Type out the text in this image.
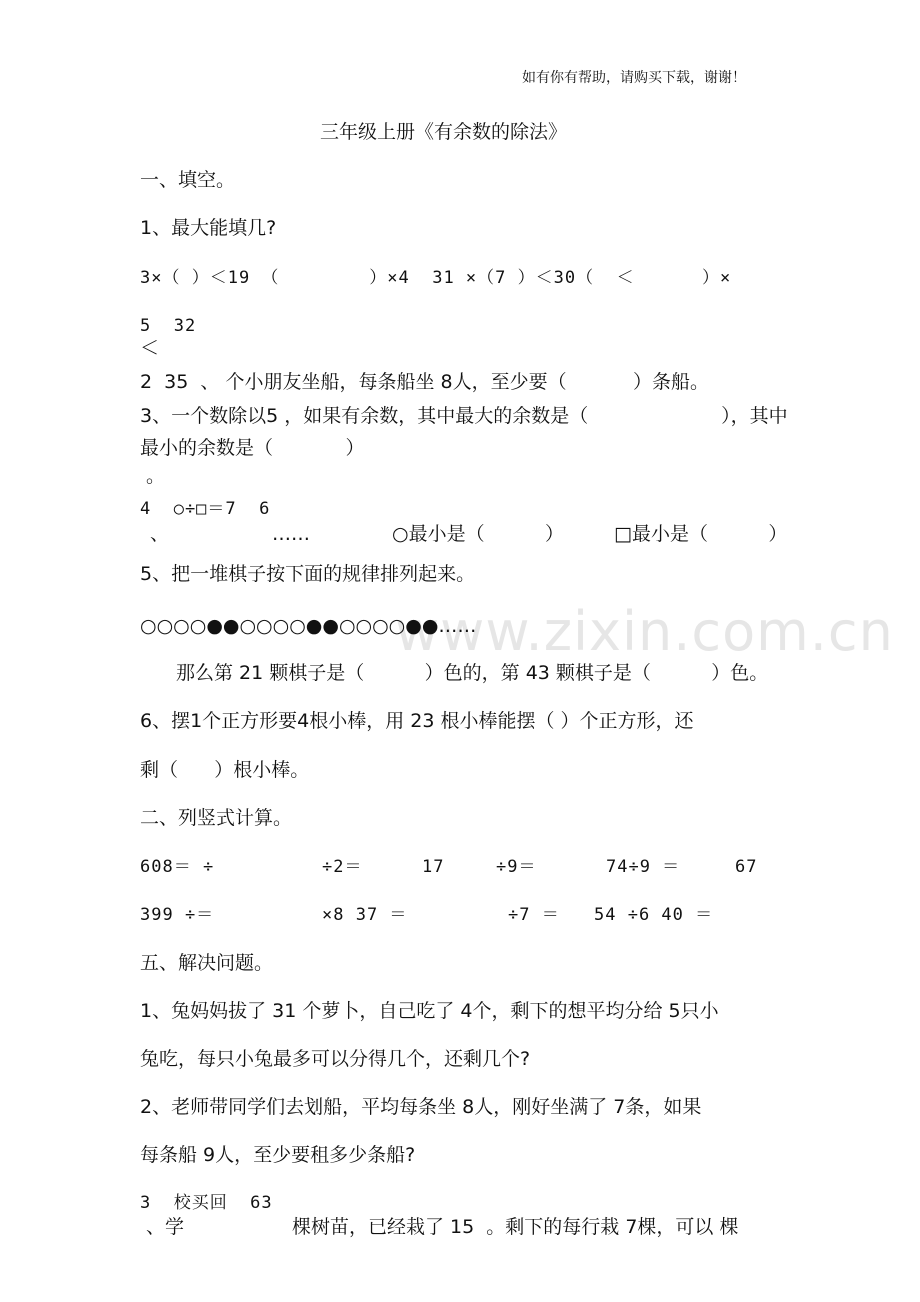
www.zixin.com.cn
如有你有帮助，请购买下载，谢谢！
三年级上册《有余数的除法》
一、填空。
1、最大能填几?
3×（ ）＜19 （        ）×4  31 ×（7 ）＜30（  ＜      ）×
5  32
＜
2  35  、 个小朋友坐船，每条船坐 8人，至少要（           ）条船。
3、一个数除以5 ，如果有余数，其中最大的余数是（                      ），其中
最小的余数是（            ）
。
4  ○÷□＝7  6
、	……	○最小是（          ）	□最小是（          ）
5、把一堆棋子按下面的规律排列起来。
○○○○●●○○○○●●○○○○●●……
那么第 21 颗棋子是（          ）色的，第 43 颗棋子是（          ）色。
6、摆1个正方形要4根小棒，用 23 根小棒能摆（ ）个正方形，还
剩（      ）根小棒。
二、列竖式计算。
608＝ ÷	÷2＝	17	÷9＝	74÷9 ＝	67
399 ÷＝	×8 37 ＝	÷7 ＝ 54 ÷6 40 ＝
五、解决问题。
1、兔妈妈拔了 31 个萝卜，自己吃了 4个，剩下的想平均分给 5只小
兔吃，每只小兔最多可以分得几个，还剩几个?
2、老师带同学们去划船，平均每条坐 8人，刚好坐满了 7条，如果
每条船 9人，至少要租多少条船?
3  校买回  63
、学	棵树苗，已经栽了 15  。剩下的每行栽 7棵，可以 棵
